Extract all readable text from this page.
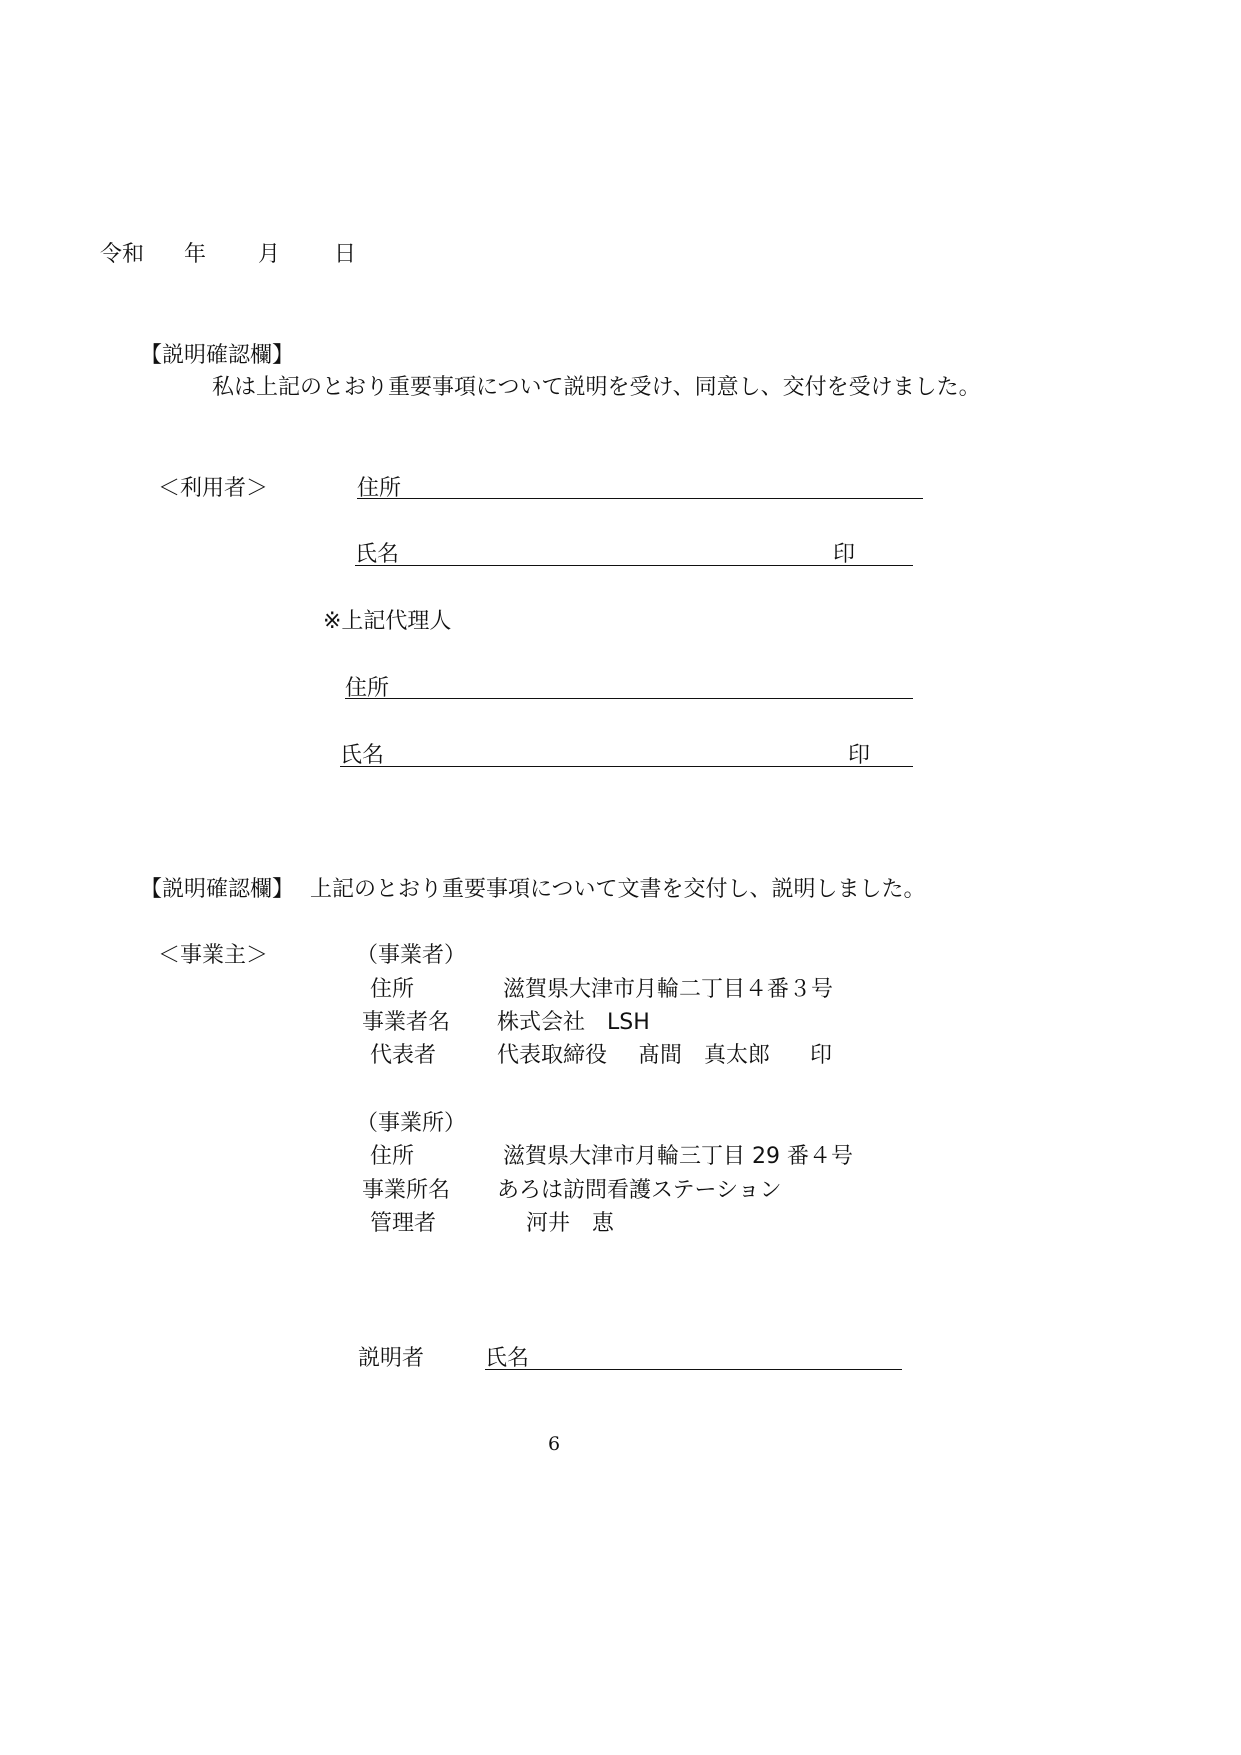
令和 年 月 日
【説明確認欄】
私は上記のとおり重要事項について説明を受け、同意し、交付を受けました。
＜利用者＞	住所
氏名	印
※上記代理人
住所
氏名	印
【説明確認欄】 上記のとおり重要事項について文書を交付し、説明しました。
＜事業主＞	（事業者）
住所	滋賀県大津市月輪二丁目４番３号
事業者名 株式会社　LSH
代表者	代表取締役 髙間　真太郎 印
（事業所）
住所	滋賀県大津市月輪三丁目 29 番４号
事業所名 あろは訪問看護ステーション
管理者	河井　恵
説明者	氏名
6
